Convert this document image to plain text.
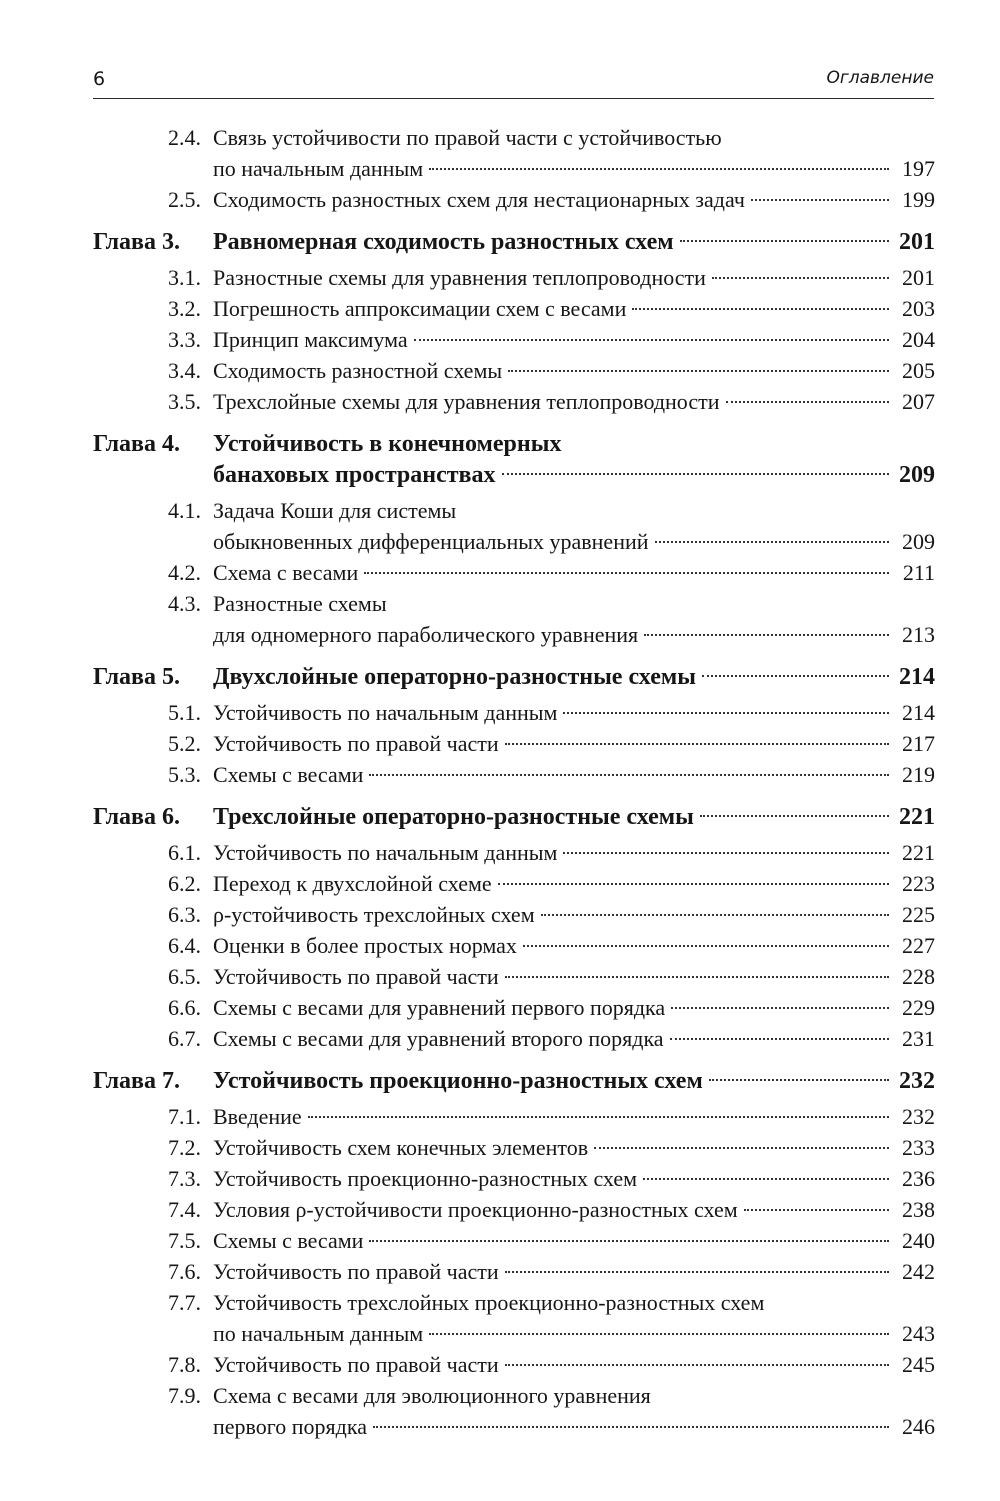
6	Оглавление
2.4. Связь устойчивости по правой части с устойчивостью
по начальным данным	197
2.5. Сходимость разностных схем для нестационарных задач	199
Глава 3.	Равномерная сходимость разностных схем	201
3.1. Разностные схемы для уравнения теплопроводности	201
3.2. Погрешность аппроксимации схем с весами	203
3.3. Принцип максимума	204
3.4. Сходимость разностной схемы	205
3.5. Трехслойные схемы для уравнения теплопроводности	207
Глава 4.	Устойчивость в конечномерных
банаховых пространствах	209
4.1. Задача Коши для системы
обыкновенных дифференциальных уравнений	209
4.2. Схема с весами	211
4.3. Разностные схемы
для одномерного параболического уравнения	213
Глава 5.	Двухслойные операторно-разностные схемы	214
5.1. Устойчивость по начальным данным	214
5.2. Устойчивость по правой части	217
5.3. Схемы с весами	219
Глава 6.	Трехслойные операторно-разностные схемы	221
6.1. Устойчивость по начальным данным	221
6.2. Переход к двухслойной схеме	223
6.3. ρ-устойчивость трехслойных схем	225
6.4. Оценки в более простых нормах	227
6.5. Устойчивость по правой части	228
6.6. Схемы с весами для уравнений первого порядка	229
6.7. Схемы с весами для уравнений второго порядка	231
Глава 7.	Устойчивость проекционно-разностных схем	232
7.1. Введение	232
7.2. Устойчивость схем конечных элементов	233
7.3. Устойчивость проекционно-разностных схем	236
7.4. Условия ρ-устойчивости проекционно-разностных схем	238
7.5. Схемы с весами	240
7.6. Устойчивость по правой части	242
7.7. Устойчивость трехслойных проекционно-разностных схем
по начальным данным	243
7.8. Устойчивость по правой части	245
7.9. Схема с весами для эволюционного уравнения
первого порядка	246
